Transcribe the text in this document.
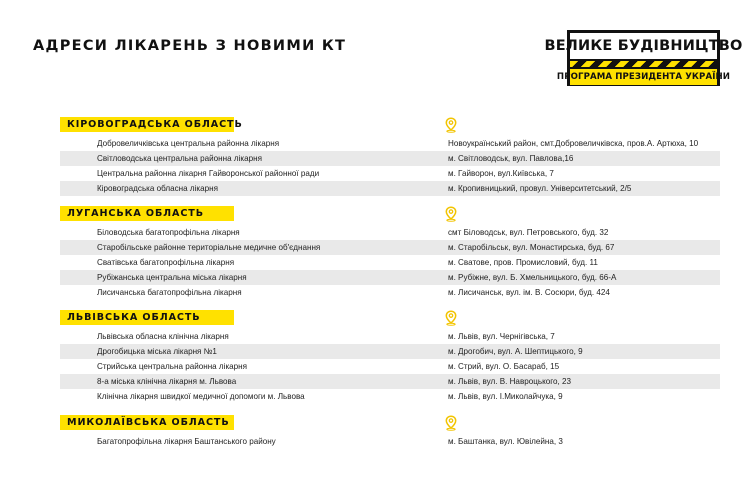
АДРЕСИ ЛІКАРЕНЬ З НОВИМИ КТ	ВЕЛИКЕ БУДІВНИЦТВО
ПРОГРАМА ПРЕЗИДЕНТА УКРАЇНИ
КІРОВОГРАДСЬКА ОБЛАСТЬ
Добровеличківська центральна районна лікарня	Новоукраїнський район, смт.Добровеличківска, пров.А. Артюха, 10
Світловодська центральна районна лікарня	м. Світловодськ, вул. Павлова,16
Центральна районна лікарня Гайворонської районної ради	м. Гайворон, вул.Київська, 7
Кіровоградська обласна лікарня	м. Кропивницький, провул. Університетський, 2/5
ЛУГАНСЬКА ОБЛАСТЬ
Біловодська багатопрофільна лікарня	смт Біловодськ, вул. Петровського, буд. 32
Старобільське районне територіальне медичне об'єднання	м. Старобільськ, вул. Монастирська, буд. 67
Сватівська багатопрофільна лікарня	м. Сватове, пров. Промисловий, буд. 11
Рубіжанська центральна міська лікарня	м. Рубіжне, вул. Б. Хмельницького, буд. 66-А
Лисичанська багатопрофільна лікарня	м. Лисичанськ, вул. ім. В. Сосюри, буд. 424
ЛЬВІВСЬКА ОБЛАСТЬ
Львівська обласна клінічна лікарня	м. Львів, вул. Чернігівська, 7
Дрогобицька міська лікарня №1	м. Дрогобич, вул. А. Шептицького, 9
Стрийська центральна районна лікарня	м. Стрий, вул. О. Басараб, 15
8-а міська клінічна лікарня м. Львова	м. Львів, вул. В. Навроцького, 23
Клінічна лікарня швидкої медичної допомоги м. Львова	м. Львів, вул. І.Миколайчука, 9
МИКОЛАЇВСЬКА ОБЛАСТЬ
Багатопрофільна лікарня Баштанського району	м. Баштанка, вул. Ювілейна, 3
